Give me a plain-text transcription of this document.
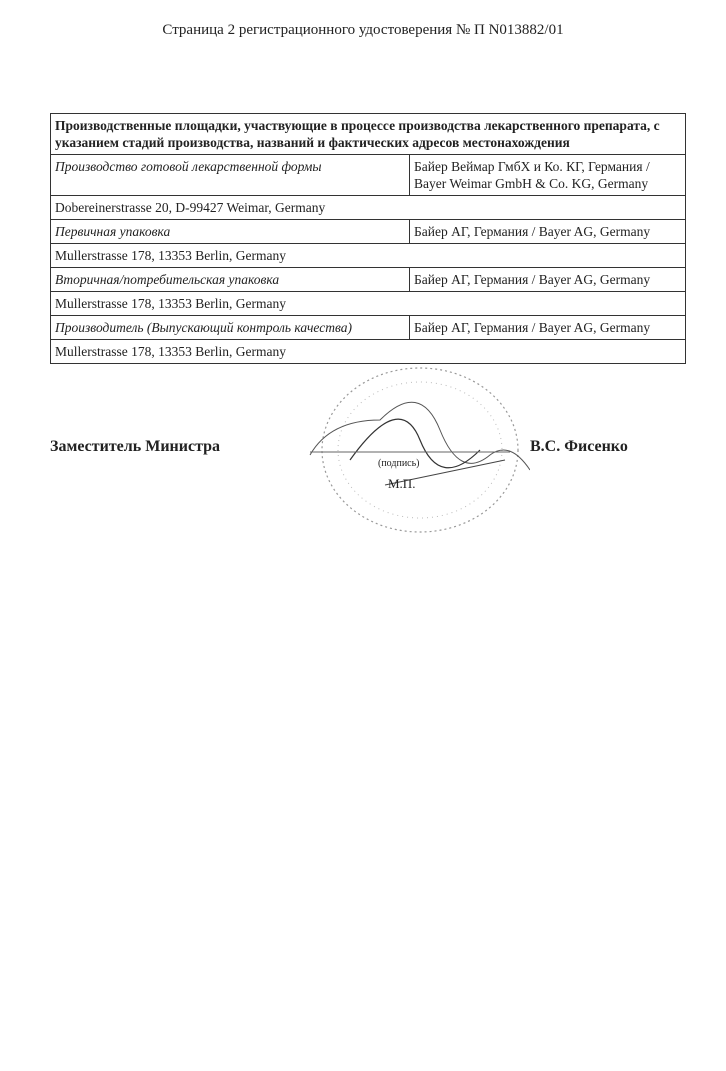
Страница 2 регистрационного удостоверения № П N013882/01
Производственные площадки, участвующие в процессе производства лекарственного препарата, с указанием стадий производства, названий и фактических адресов местонахождения	
Производство готовой лекарственной формы	Байер Веймар ГмбХ и Ко. КГ, Германия / Bayer Weimar GmbH & Co. KG, Germany
Dobereinerstrasse 20, D-99427 Weimar, Germany	
Первичная упаковка	Байер АГ, Германия / Bayer AG, Germany
Mullerstrasse 178, 13353 Berlin, Germany	
Вторичная/потребительская упаковка	Байер АГ, Германия / Bayer AG, Germany
Mullerstrasse 178, 13353 Berlin, Germany	
Производитель (Выпускающий контроль качества)	Байер АГ, Германия / Bayer AG, Germany
Mullerstrasse 178, 13353 Berlin, Germany	
Заместитель Министра
(подпись)
М.П.
В.С. Фисенко
